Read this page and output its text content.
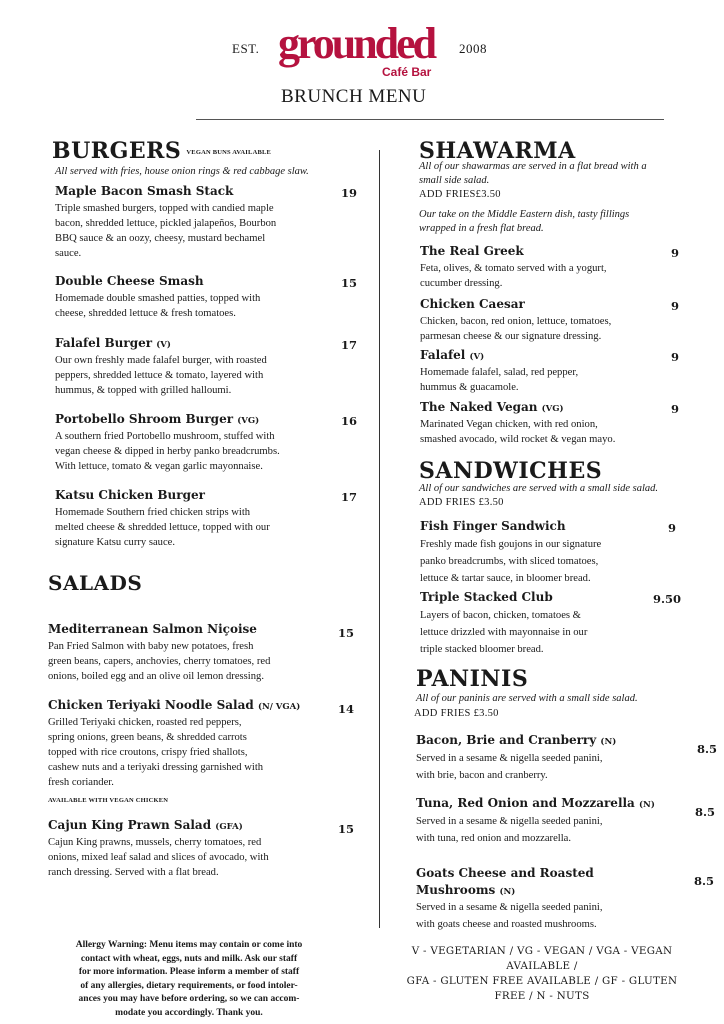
EST.	2008
grounded
Café Bar
BRUNCH MENU
BURGERS $^{VEGAN BUNS AVAILABLE}$
All served with fries, house onion rings & red cabbage slaw.
Maple Bacon Smash Stack	19
Triple smashed burgers, topped with candied maple
bacon, shredded lettuce, pickled jalapeños, Bourbon
BBQ sauce & an oozy, cheesy, mustard bechamel
sauce.
Double Cheese Smash	15
Homemade double smashed patties, topped with
cheese, shredded lettuce & fresh tomatoes.
Falafel Burger (V)	17
Our own freshly made falafel burger, with roasted
peppers, shredded lettuce & tomato, layered with
hummus, & topped with grilled halloumi.
Portobello Shroom Burger (VG)	16
A southern fried Portobello mushroom, stuffed with
vegan cheese & dipped in herby panko breadcrumbs.
With lettuce, tomato & vegan garlic mayonnaise.
Katsu Chicken Burger	17
Homemade Southern fried chicken strips with
melted cheese & shredded lettuce, topped with our
signature Katsu curry sauce.
SALADS
Mediterranean Salmon Niçoise	15
Pan Fried Salmon with baby new potatoes, fresh
green beans, capers, anchovies, cherry tomatoes, red
onions, boiled egg and an olive oil lemon dressing.
Chicken Teriyaki Noodle Salad (N/ VGA)	14
Grilled Teriyaki chicken, roasted red peppers,
spring onions, green beans, & shredded carrots
topped with rice croutons, crispy fried shallots,
cashew nuts and a teriyaki dressing garnished with
fresh coriander.
AVAILABLE WITH VEGAN CHICKEN
Cajun King Prawn Salad (GFA)	15
Cajun King prawns, mussels, cherry tomatoes, red
onions, mixed leaf salad and slices of avocado, with
ranch dressing. Served with a flat bread.
SHAWARMA
All of our shawarmas are served in a flat bread with a
small side salad.
ADD FRIES£3.50
Our take on the Middle Eastern dish, tasty fillings
wrapped in a fresh flat bread.
The Real Greek	9
Feta, olives, & tomato served with a yogurt,
cucumber dressing.
Chicken Caesar	9
Chicken, bacon, red onion, lettuce, tomatoes,
parmesan cheese & our signature dressing.
Falafel (V)	9
Homemade falafel, salad, red pepper,
hummus & guacamole.
The Naked Vegan (VG)	9
Marinated Vegan chicken, with red onion,
smashed avocado, wild rocket & vegan mayo.
SANDWICHES
All of our sandwiches are served with a small side salad.
ADD FRIES £3.50
Fish Finger Sandwich	9
Freshly made fish goujons in our signature
panko breadcrumbs, with sliced tomatoes,
lettuce & tartar sauce, in bloomer bread.
Triple Stacked Club	9.50
Layers of bacon, chicken, tomatoes &
lettuce drizzled with mayonnaise in our
triple stacked bloomer bread.
PANINIS
All of our paninis are served with a small side salad.
ADD FRIES £3.50
Bacon, Brie and Cranberry (N)	8.5
Served in a sesame & nigella seeded panini,
with brie, bacon and cranberry.
Tuna, Red Onion and Mozzarella (N)	8.5
Served in a sesame & nigella seeded panini,
with tuna, red onion and mozzarella.
Goats Cheese and Roasted
Mushrooms (N)
8.5
Served in a sesame & nigella seeded panini,
with goats cheese and roasted mushrooms.
Allergy Warning: Menu items may contain or come into
contact with wheat, eggs, nuts and milk. Ask our staff
for more information. Please inform a member of staff
of any allergies, dietary requirements, or food intoler-
ances you may have before ordering, so we can accom-
modate you accordingly. Thank you.
V - VEGETARIAN / VG - VEGAN / VGA - VEGAN
AVAILABLE /
GFA - GLUTEN FREE AVAILABLE / GF - GLUTEN
FREE / N - NUTS
